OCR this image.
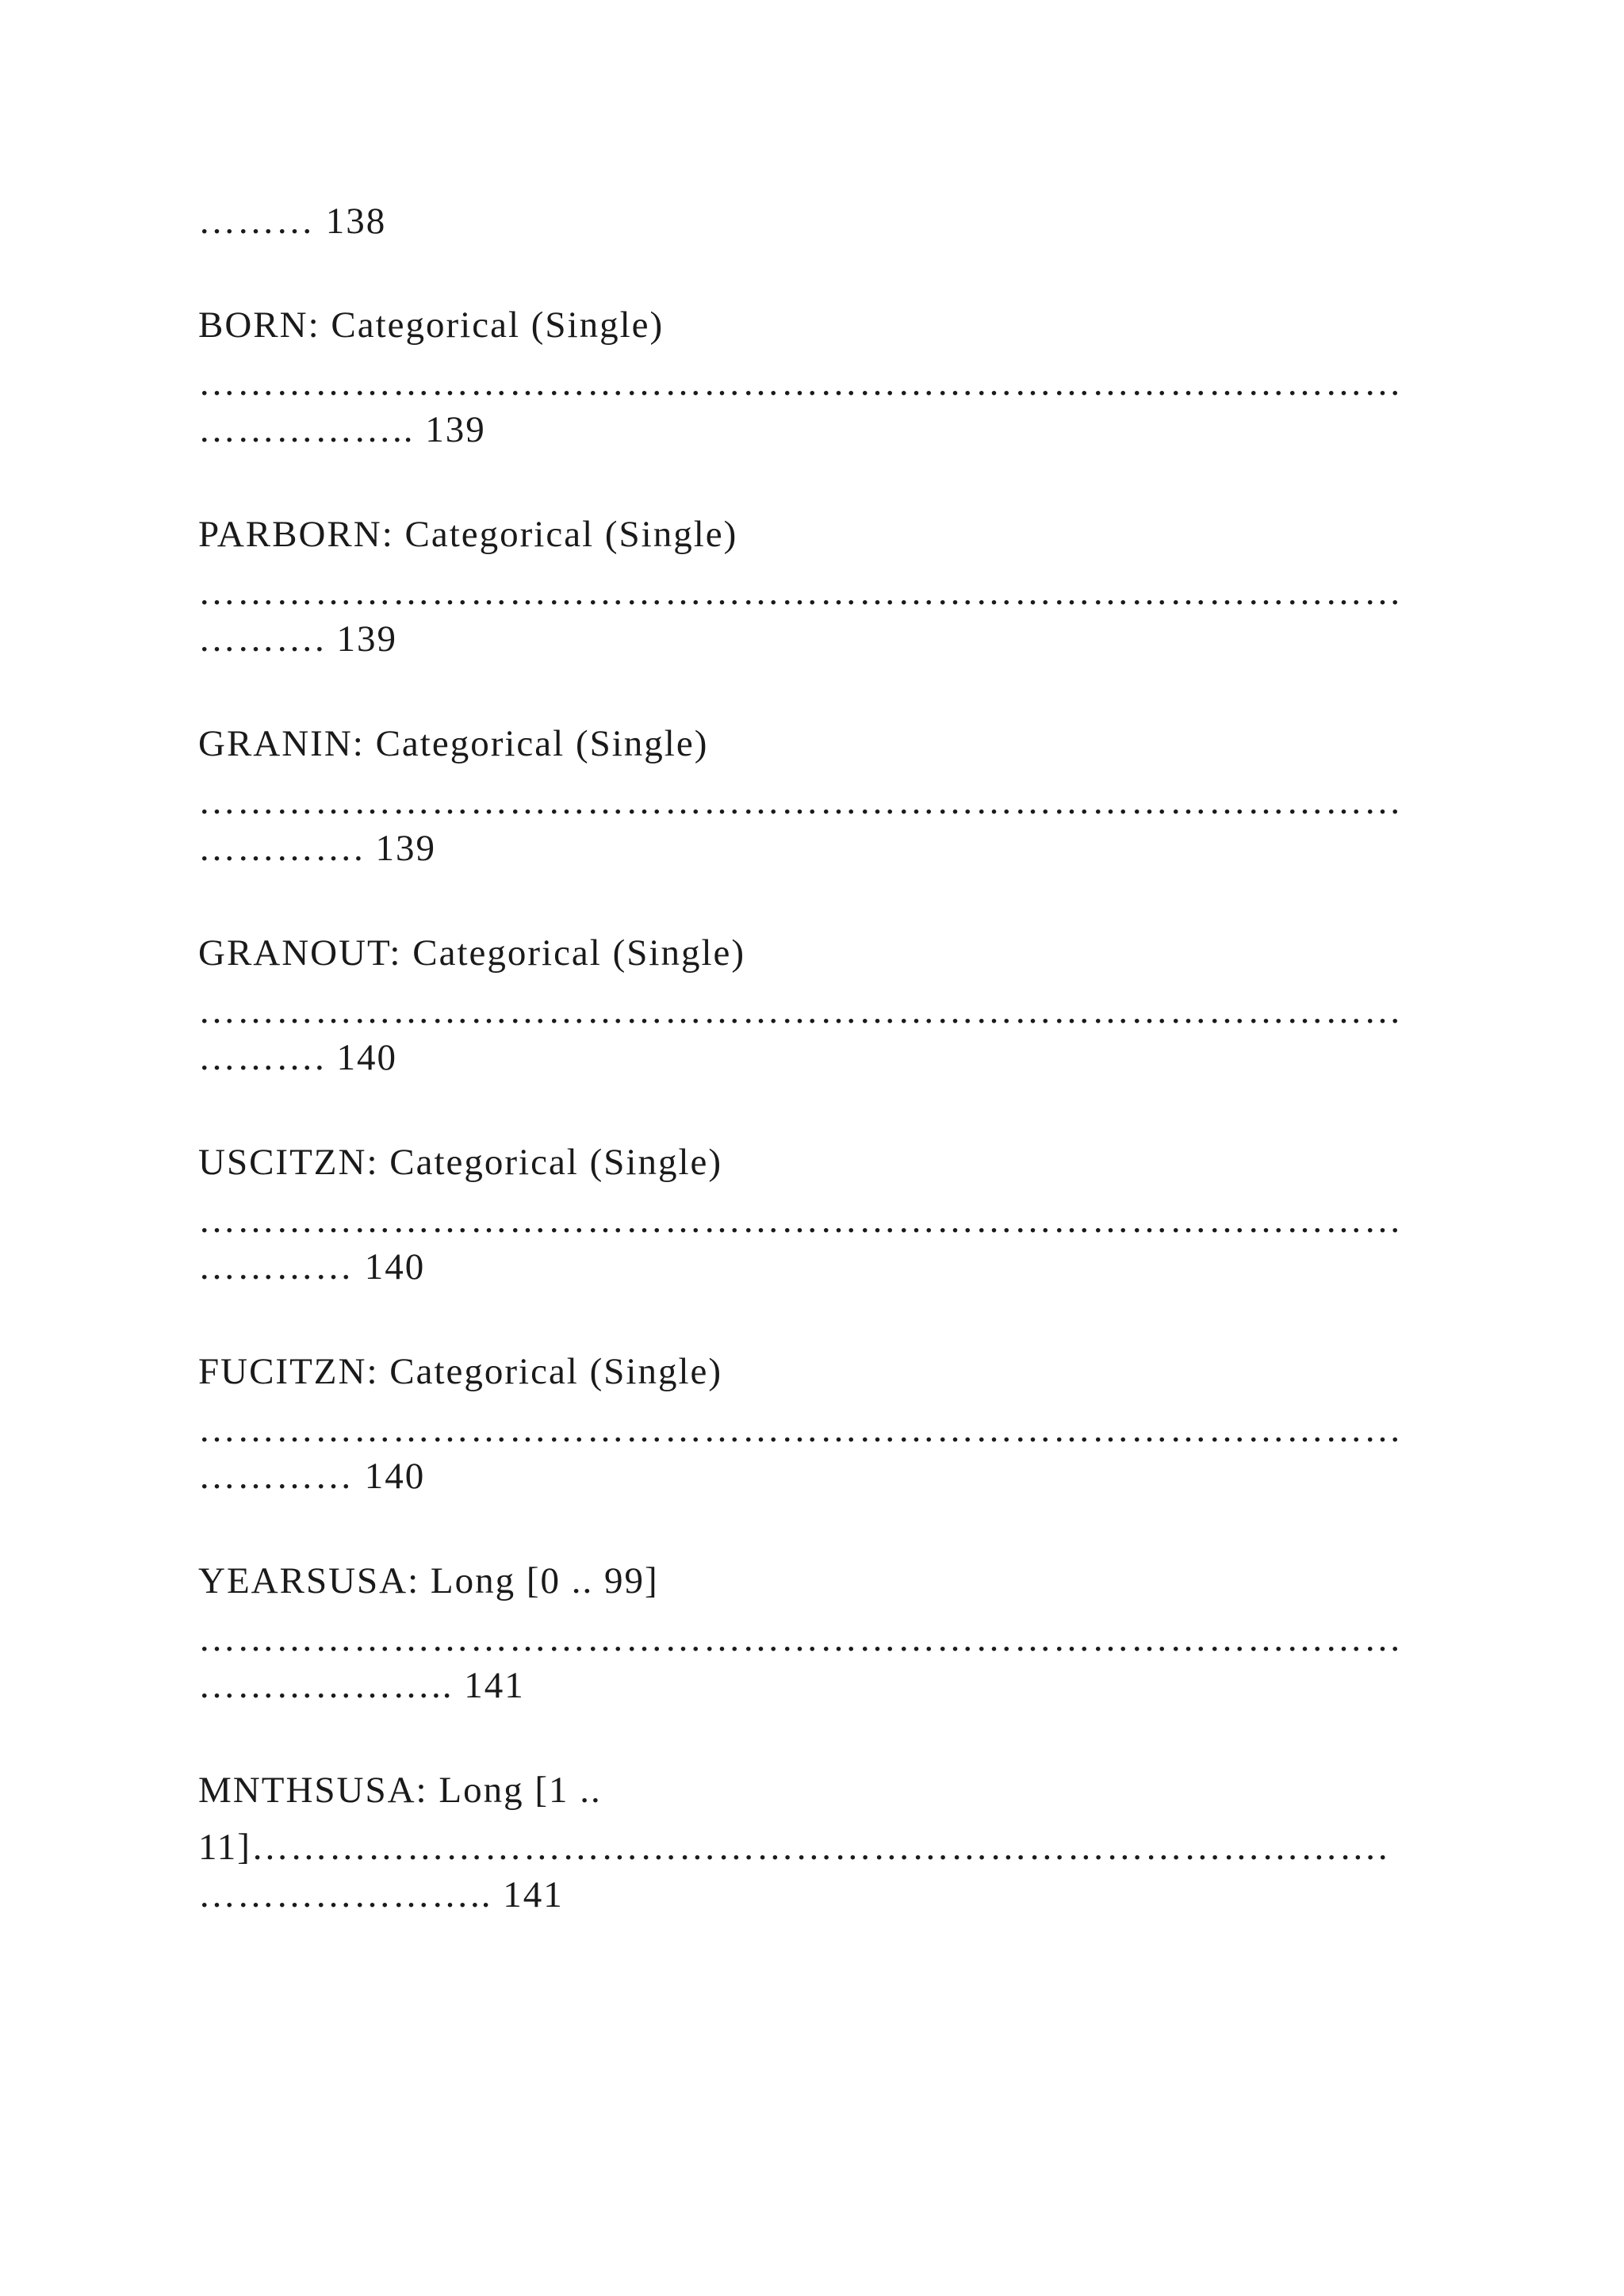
……… 138
BORN: Categorical (Single)
…………………………………………………………………………………
…………….. 139
PARBORN: Categorical (Single)
…………………………………………………………………………………
………. 139
GRANIN: Categorical (Single)
…………………………………………………………………………………
…………. 139
GRANOUT: Categorical (Single)
…………………………………………………………………………………
………. 140
USCITZN: Categorical (Single)
…………………………………………………………………………………
………… 140
FUCITZN: Categorical (Single)
…………………………………………………………………………………
………… 140
YEARSUSA: Long [0 .. 99]
…………………………………………………………………………………
……………….. 141
MNTHSUSA: Long [1 ..
11]…………………………………………………………………………….
………………….. 141
